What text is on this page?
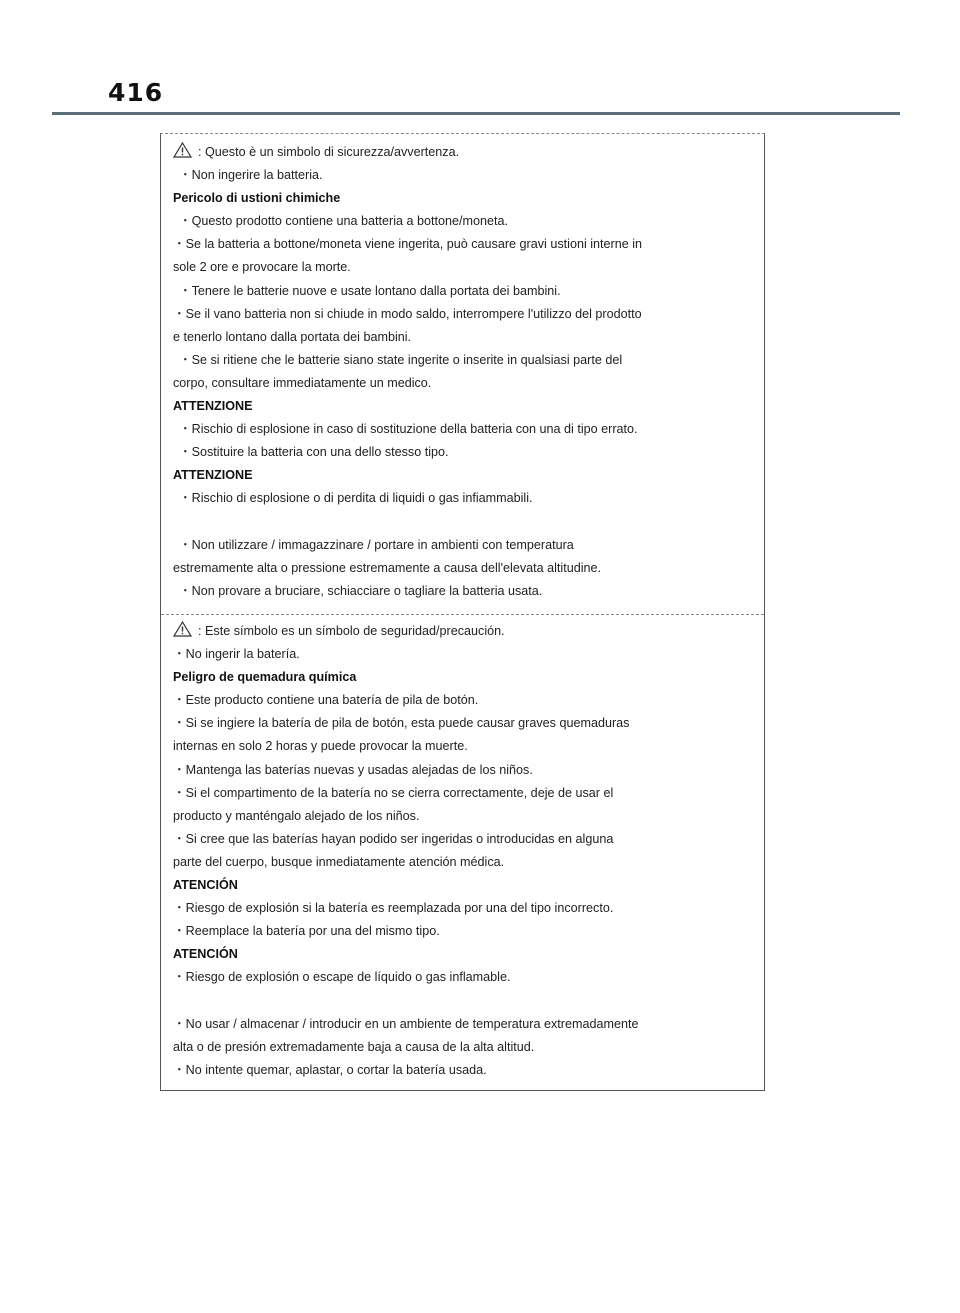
416
: Questo è un simbolo di sicurezza/avvertenza.
・Non ingerire la batteria.
Pericolo di ustioni chimiche
・Questo prodotto contiene una batteria a bottone/moneta.
・Se la batteria a bottone/moneta viene ingerita, può causare gravi ustioni interne in
sole 2 ore e provocare la morte.
・Tenere le batterie nuove e usate lontano dalla portata dei bambini.
・Se il vano batteria non si chiude in modo saldo, interrompere l'utilizzo del prodotto
e tenerlo lontano dalla portata dei bambini.
・Se si ritiene che le batterie siano state ingerite o inserite in qualsiasi parte del
corpo, consultare immediatamente un medico.
ATTENZIONE
・Rischio di esplosione in caso di sostituzione della batteria con una di tipo errato.
・Sostituire la batteria con una dello stesso tipo.
ATTENZIONE
・Rischio di esplosione o di perdita di liquidi o gas infiammabili.
・Non utilizzare / immagazzinare / portare in ambienti con temperatura
estremamente alta o pressione estremamente a causa dell'elevata altitudine.
・Non provare a bruciare, schiacciare o tagliare la batteria usata.
: Este símbolo es un símbolo de seguridad/precaución.
・No ingerir la batería.
Peligro de quemadura química
・Este producto contiene una batería de pila de botón.
・Si se ingiere la batería de pila de botón, esta puede causar graves quemaduras
internas en solo 2 horas y puede provocar la muerte.
・Mantenga las baterías nuevas y usadas alejadas de los niños.
・Si el compartimento de la batería no se cierra correctamente, deje de usar el
producto y manténgalo alejado de los niños.
・Si cree que las baterías hayan podido ser ingeridas o introducidas en alguna
parte del cuerpo, busque inmediatamente atención médica.
ATENCIÓN
・Riesgo de explosión si la batería es reemplazada por una del tipo incorrecto.
・Reemplace la batería por una del mismo tipo.
ATENCIÓN
・Riesgo de explosión o escape de líquido o gas inflamable.
・No usar / almacenar / introducir en un ambiente de temperatura extremadamente
alta o de presión extremadamente baja a causa de la alta altitud.
・No intente quemar, aplastar, o cortar la batería usada.
